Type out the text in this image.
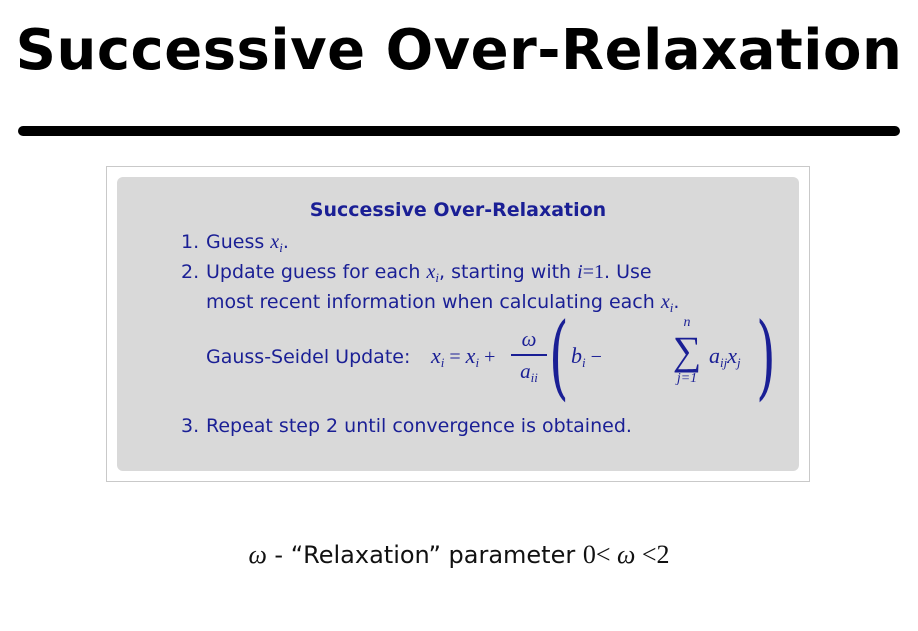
Successive Over-Relaxation
Successive Over-Relaxation
1. Guess $x_i$.
2. Update guess for each $x_i$, starting with i=1. Use
most recent information when calculating each $x_i$.
Gauss-Seidel Update: xi = xi +
ω
aii ( bi −
n
∑
j=1
aijxj )
3. Repeat step 2 until convergence is obtained.
ω - “Relaxation” parameter 0< ω <2
